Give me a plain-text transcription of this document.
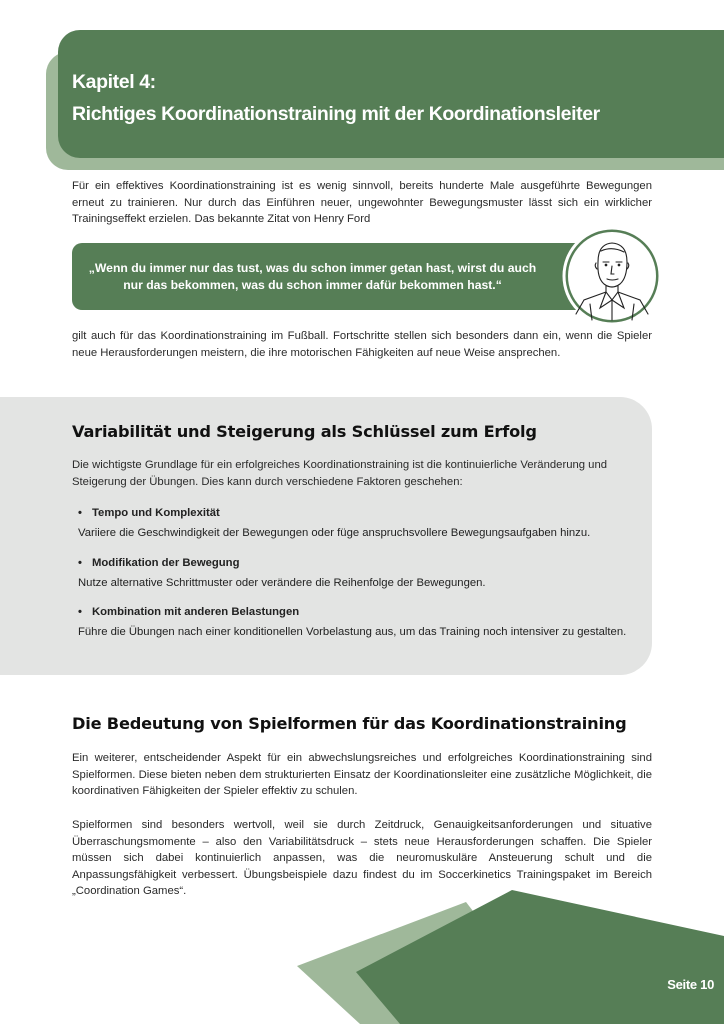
Kapitel 4:
Richtiges Koordinationstraining mit der Koordinationsleiter
Für ein effektives Koordinationstraining ist es wenig sinnvoll, bereits hunderte Male ausgeführte Bewegungen erneut zu trainieren. Nur durch das Einführen neuer, ungewohnter Bewegungsmuster lässt sich ein wirklicher Trainingseffekt erzielen. Das bekannte Zitat von Henry Ford
„Wenn du immer nur das tust, was du schon immer getan hast, wirst du auch nur das bekommen, was du schon immer dafür bekommen hast.“
gilt auch für das Koordinationstraining im Fußball. Fortschritte stellen sich besonders dann ein, wenn die Spieler neue Herausforderungen meistern, die ihre motorischen Fähigkeiten auf neue Weise ansprechen.
Variabilität und Steigerung als Schlüssel zum Erfolg
Die wichtigste Grundlage für ein erfolgreiches Koordinationstraining ist die kontinuierliche Veränderung und Steigerung der Übungen. Dies kann durch verschiedene Faktoren geschehen:
• Tempo und Komplexität
Variiere die Geschwindigkeit der Bewegungen oder füge anspruchsvollere Bewegungsaufgaben hinzu.
• Modifikation der Bewegung
Nutze alternative Schrittmuster oder verändere die Reihenfolge der Bewegungen.
• Kombination mit anderen Belastungen
Führe die Übungen nach einer konditionellen Vorbelastung aus, um das Training noch intensiver zu gestalten.
Die Bedeutung von Spielformen für das Koordinationstraining
Ein weiterer, entscheidender Aspekt für ein abwechslungsreiches und erfolgreiches Koordinationstraining sind Spielformen. Diese bieten neben dem strukturierten Einsatz der Koordinationsleiter eine zusätzliche Möglichkeit, die koordinativen Fähigkeiten der Spieler effektiv zu schulen.
Spielformen sind besonders wertvoll, weil sie durch Zeitdruck, Genauigkeitsanforderungen und situative Überraschungsmomente – also den Variabilitätsdruck – stets neue Herausforderungen schaffen. Die Spieler müssen sich dabei kontinuierlich anpassen, was die neuromuskuläre Ansteuerung schult und die Anpassungsfähigkeit verbessert. Übungsbeispiele dazu findest du im Soccerkinetics Trainingspaket im Bereich „Coordination Games“.
Seite 10
